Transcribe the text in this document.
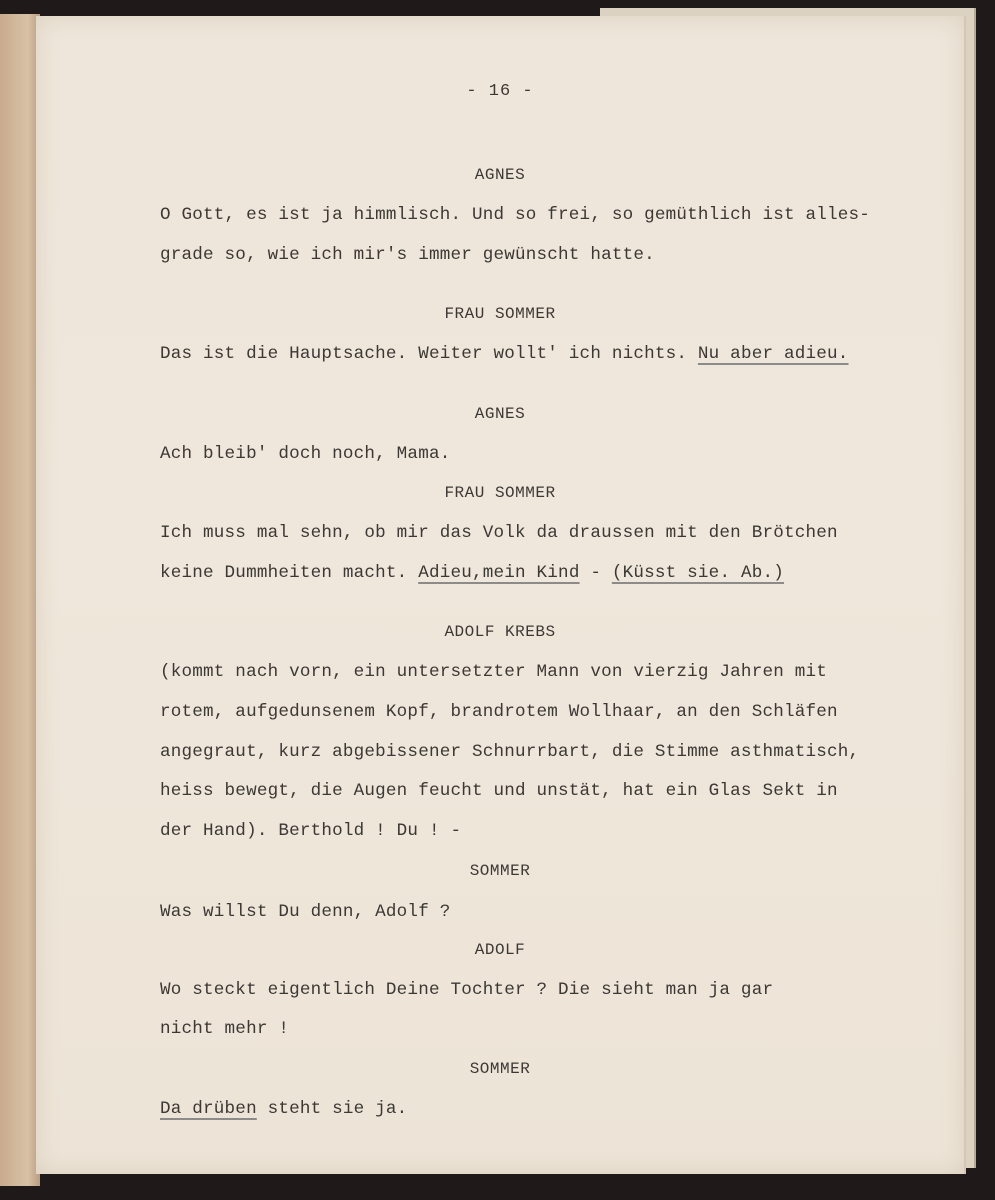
- 16 -
AGNES
O Gott, es ist ja himmlisch. Und so frei, so gemüthlich ist alles-
grade so, wie ich mir's immer gewünscht hatte.
FRAU SOMMER
Das ist die Hauptsache. Weiter wollt' ich nichts. Nu aber adieu.
AGNES
Ach bleib' doch noch, Mama.
FRAU SOMMER
Ich muss mal sehn, ob mir das Volk da draussen mit den Brötchen
keine Dummheiten macht. Adieu,mein Kind - (Küsst sie. Ab.)
ADOLF KREBS
(kommt nach vorn, ein untersetzter Mann von vierzig Jahren mit
rotem, aufgedunsenem Kopf, brandrotem Wollhaar, an den Schläfen
angegraut, kurz abgebissener Schnurrbart, die Stimme asthmatisch,
heiss bewegt, die Augen feucht und unstät, hat ein Glas Sekt in
der Hand). Berthold ! Du ! -
SOMMER
Was willst Du denn, Adolf ?
ADOLF
Wo steckt eigentlich Deine Tochter ? Die sieht man ja gar
nicht mehr !
SOMMER
Da drüben steht sie ja.
